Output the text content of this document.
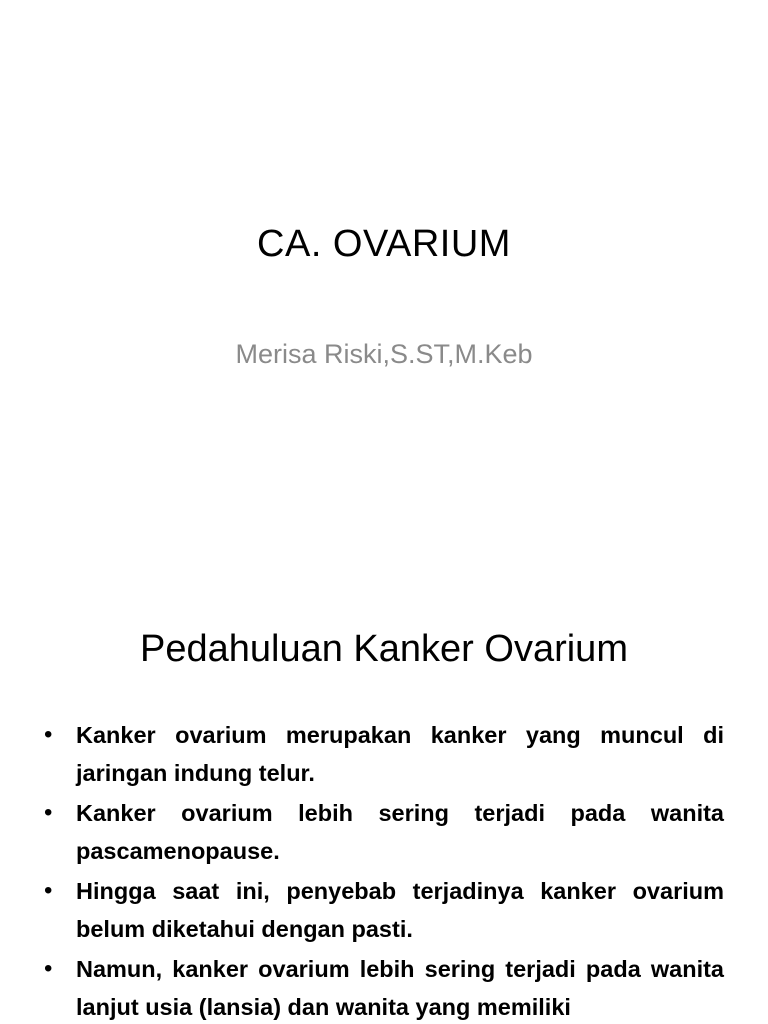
CA. OVARIUM
Merisa Riski,S.ST,M.Keb
Pedahuluan Kanker Ovarium
• Kanker ovarium merupakan kanker yang muncul di jaringan indung telur.
• Kanker ovarium lebih sering terjadi pada wanita pascamenopause.
• Hingga saat ini, penyebab terjadinya kanker ovarium belum diketahui dengan pasti.
• Namun, kanker ovarium lebih sering terjadi pada wanita lanjut usia (lansia) dan wanita yang memiliki
